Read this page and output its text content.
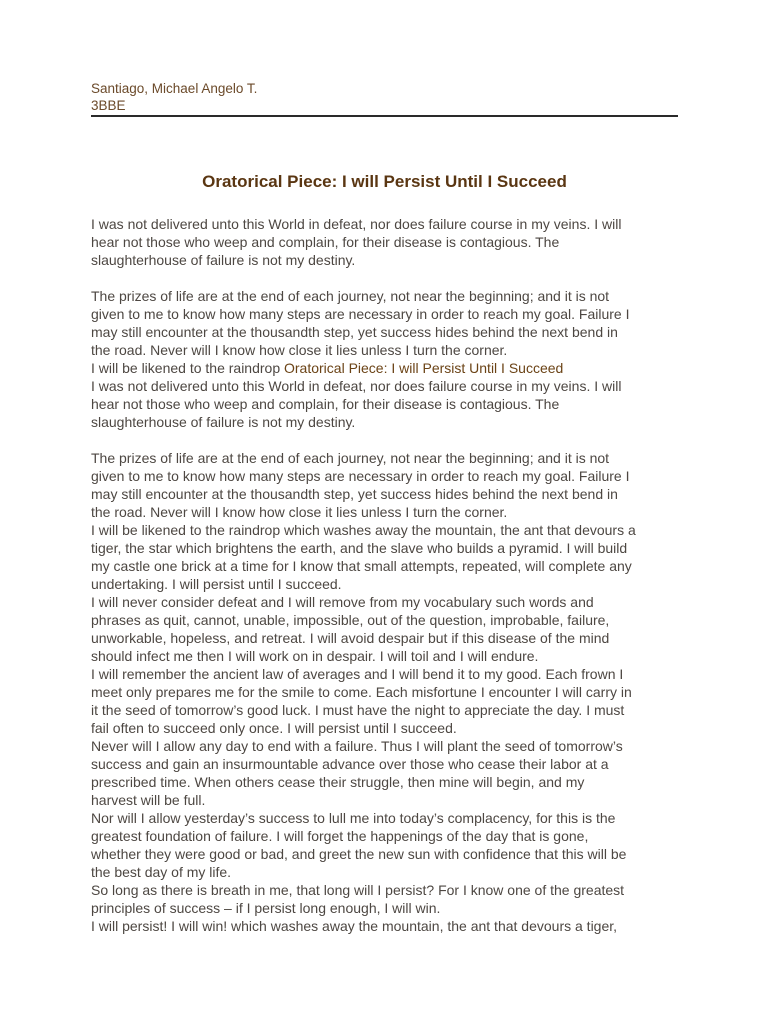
Santiago, Michael Angelo T.
3BBE
Oratorical Piece: I will Persist Until I Succeed
I was not delivered unto this World in defeat, nor does failure course in my veins. I will
hear not those who weep and complain, for their disease is contagious. The
slaughterhouse of failure is not my destiny.
The prizes of life are at the end of each journey, not near the beginning; and it is not
given to me to know how many steps are necessary in order to reach my goal. Failure I
may still encounter at the thousandth step, yet success hides behind the next bend in
the road. Never will I know how close it lies unless I turn the corner.
I will be likened to the raindrop Oratorical Piece: I will Persist Until I Succeed
I was not delivered unto this World in defeat, nor does failure course in my veins. I will
hear not those who weep and complain, for their disease is contagious. The
slaughterhouse of failure is not my destiny.
The prizes of life are at the end of each journey, not near the beginning; and it is not
given to me to know how many steps are necessary in order to reach my goal. Failure I
may still encounter at the thousandth step, yet success hides behind the next bend in
the road. Never will I know how close it lies unless I turn the corner.
I will be likened to the raindrop which washes away the mountain, the ant that devours a
tiger, the star which brightens the earth, and the slave who builds a pyramid. I will build
my castle one brick at a time for I know that small attempts, repeated, will complete any
undertaking. I will persist until I succeed.
I will never consider defeat and I will remove from my vocabulary such words and
phrases as quit, cannot, unable, impossible, out of the question, improbable, failure,
unworkable, hopeless, and retreat. I will avoid despair but if this disease of the mind
should infect me then I will work on in despair. I will toil and I will endure.
I will remember the ancient law of averages and I will bend it to my good. Each frown I
meet only prepares me for the smile to come. Each misfortune I encounter I will carry in
it the seed of tomorrow’s good luck. I must have the night to appreciate the day. I must
fail often to succeed only once. I will persist until I succeed.
Never will I allow any day to end with a failure. Thus I will plant the seed of tomorrow’s
success and gain an insurmountable advance over those who cease their labor at a
prescribed time. When others cease their struggle, then mine will begin, and my
harvest will be full.
Nor will I allow yesterday’s success to lull me into today’s complacency, for this is the
greatest foundation of failure. I will forget the happenings of the day that is gone,
whether they were good or bad, and greet the new sun with confidence that this will be
the best day of my life.
So long as there is breath in me, that long will I persist? For I know one of the greatest
principles of success – if I persist long enough, I will win.
I will persist! I will win! which washes away the mountain, the ant that devours a tiger,
